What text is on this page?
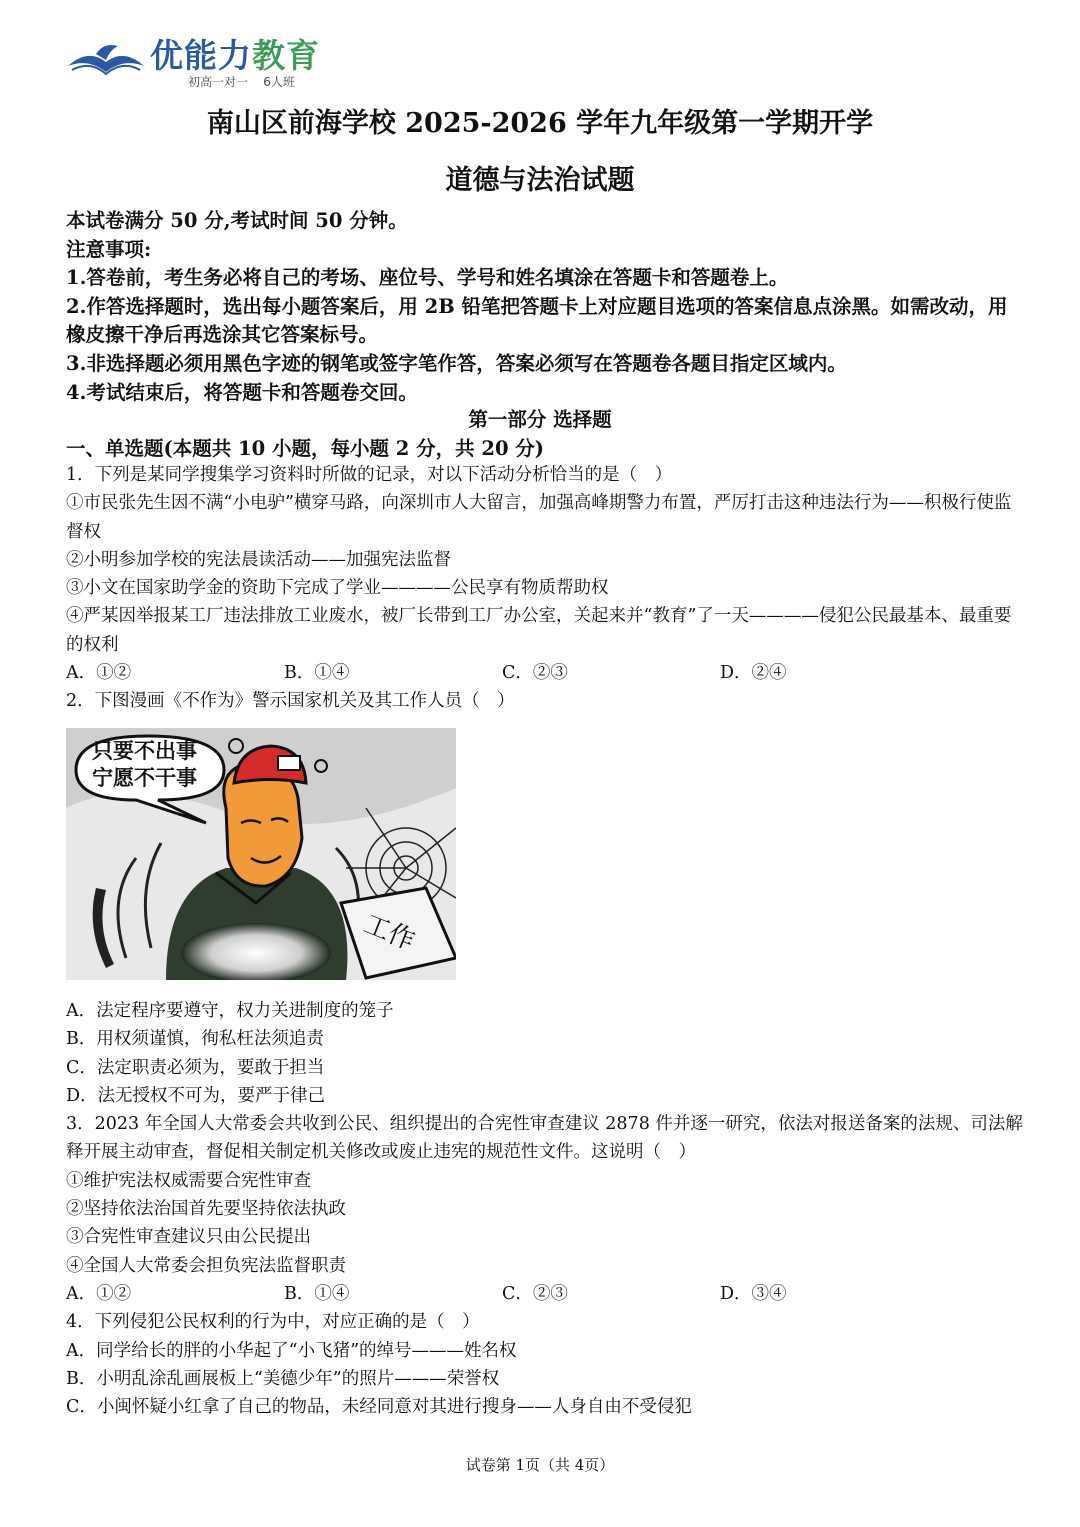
优能力教育
初高一对一    6人班
南山区前海学校 2025-2026 学年九年级第一学期开学
道德与法治试题
本试卷满分 50 分,考试时间 50 分钟。
注意事项:
1.答卷前，考生务必将自己的考场、座位号、学号和姓名填涂在答题卡和答题卷上。
2.作答选择题时，选出每小题答案后，用 2B 铅笔把答题卡上对应题目选项的答案信息点涂黑。如需改动，用橡皮擦干净后再选涂其它答案标号。
3.非选择题必须用黑色字迹的钢笔或签字笔作答，答案必须写在答题卷各题目指定区域内。
4.考试结束后，将答题卡和答题卷交回。
第一部分 选择题
一、单选题(本题共 10 小题，每小题 2 分，共 20 分)
1．下列是某同学搜集学习资料时所做的记录，对以下活动分析恰当的是（　）
①市民张先生因不满“小电驴”横穿马路，向深圳市人大留言，加强高峰期警力布置，严厉打击这种违法行为——积极行使监督权
②小明参加学校的宪法晨读活动——加强宪法监督
③小文在国家助学金的资助下完成了学业————公民享有物质帮助权
④严某因举报某工厂违法排放工业废水，被厂长带到工厂办公室，关起来并“教育”了一天————侵犯公民最基本、最重要的权利
A．①②	B．①④	C．②③	D．②④
2．下图漫画《不作为》警示国家机关及其工作人员（　）
只要不出事
宁愿不干事
工作
A．法定程序要遵守，权力关进制度的笼子
B．用权须谨慎，徇私枉法须追责
C．法定职责必须为，要敢于担当
D．法无授权不可为，要严于律己
3．2023 年全国人大常委会共收到公民、组织提出的合宪性审查建议 2878 件并逐一研究，依法对报送备案的法规、司法解释开展主动审查，督促相关制定机关修改或废止违宪的规范性文件。这说明（　）
①维护宪法权威需要合宪性审查
②坚持依法治国首先要坚持依法执政
③合宪性审查建议只由公民提出
④全国人大常委会担负宪法监督职责
A．①②	B．①④	C．②③	D．③④
4．下列侵犯公民权利的行为中，对应正确的是（　）
A．同学给长的胖的小华起了“小飞猪”的绰号———姓名权
B．小明乱涂乱画展板上“美德少年”的照片———荣誉权
C．小闽怀疑小红拿了自己的物品，未经同意对其进行搜身——人身自由不受侵犯
试卷第 1页（共 4页）
